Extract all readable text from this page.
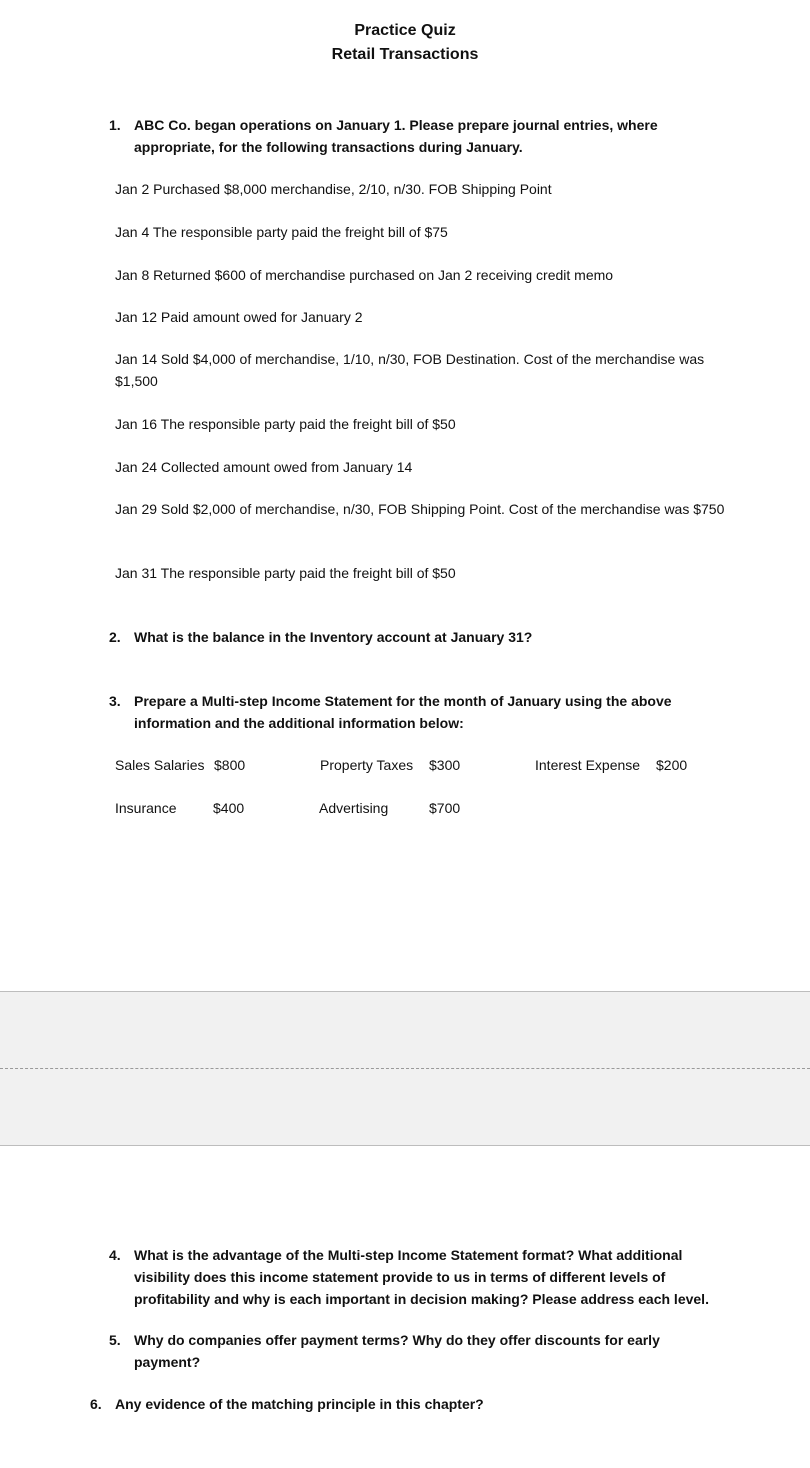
Practice Quiz
Retail Transactions
1. ABC Co. began operations on January 1. Please prepare journal entries, where appropriate, for the following transactions during January.
Jan 2 Purchased $8,000 merchandise, 2/10, n/30. FOB Shipping Point
Jan 4 The responsible party paid the freight bill of $75
Jan 8 Returned $600 of merchandise purchased on Jan 2 receiving credit memo
Jan 12 Paid amount owed for January 2
Jan 14 Sold $4,000 of merchandise, 1/10, n/30, FOB Destination. Cost of the merchandise was $1,500
Jan 16 The responsible party paid the freight bill of $50
Jan 24 Collected amount owed from January 14
Jan 29 Sold $2,000 of merchandise, n/30, FOB Shipping Point. Cost of the merchandise was $750
Jan 31 The responsible party paid the freight bill of $50
2. What is the balance in the Inventory account at January 31?
3. Prepare a Multi-step Income Statement for the month of January using the above information and the additional information below:
Sales Salaries $800	Property Taxes $300	Interest Expense $200
Insurance	$400	Advertising	$700
4. What is the advantage of the Multi-step Income Statement format? What additional visibility does this income statement provide to us in terms of different levels of profitability and why is each important in decision making? Please address each level.
5. Why do companies offer payment terms? Why do they offer discounts for early payment?
6. Any evidence of the matching principle in this chapter?
